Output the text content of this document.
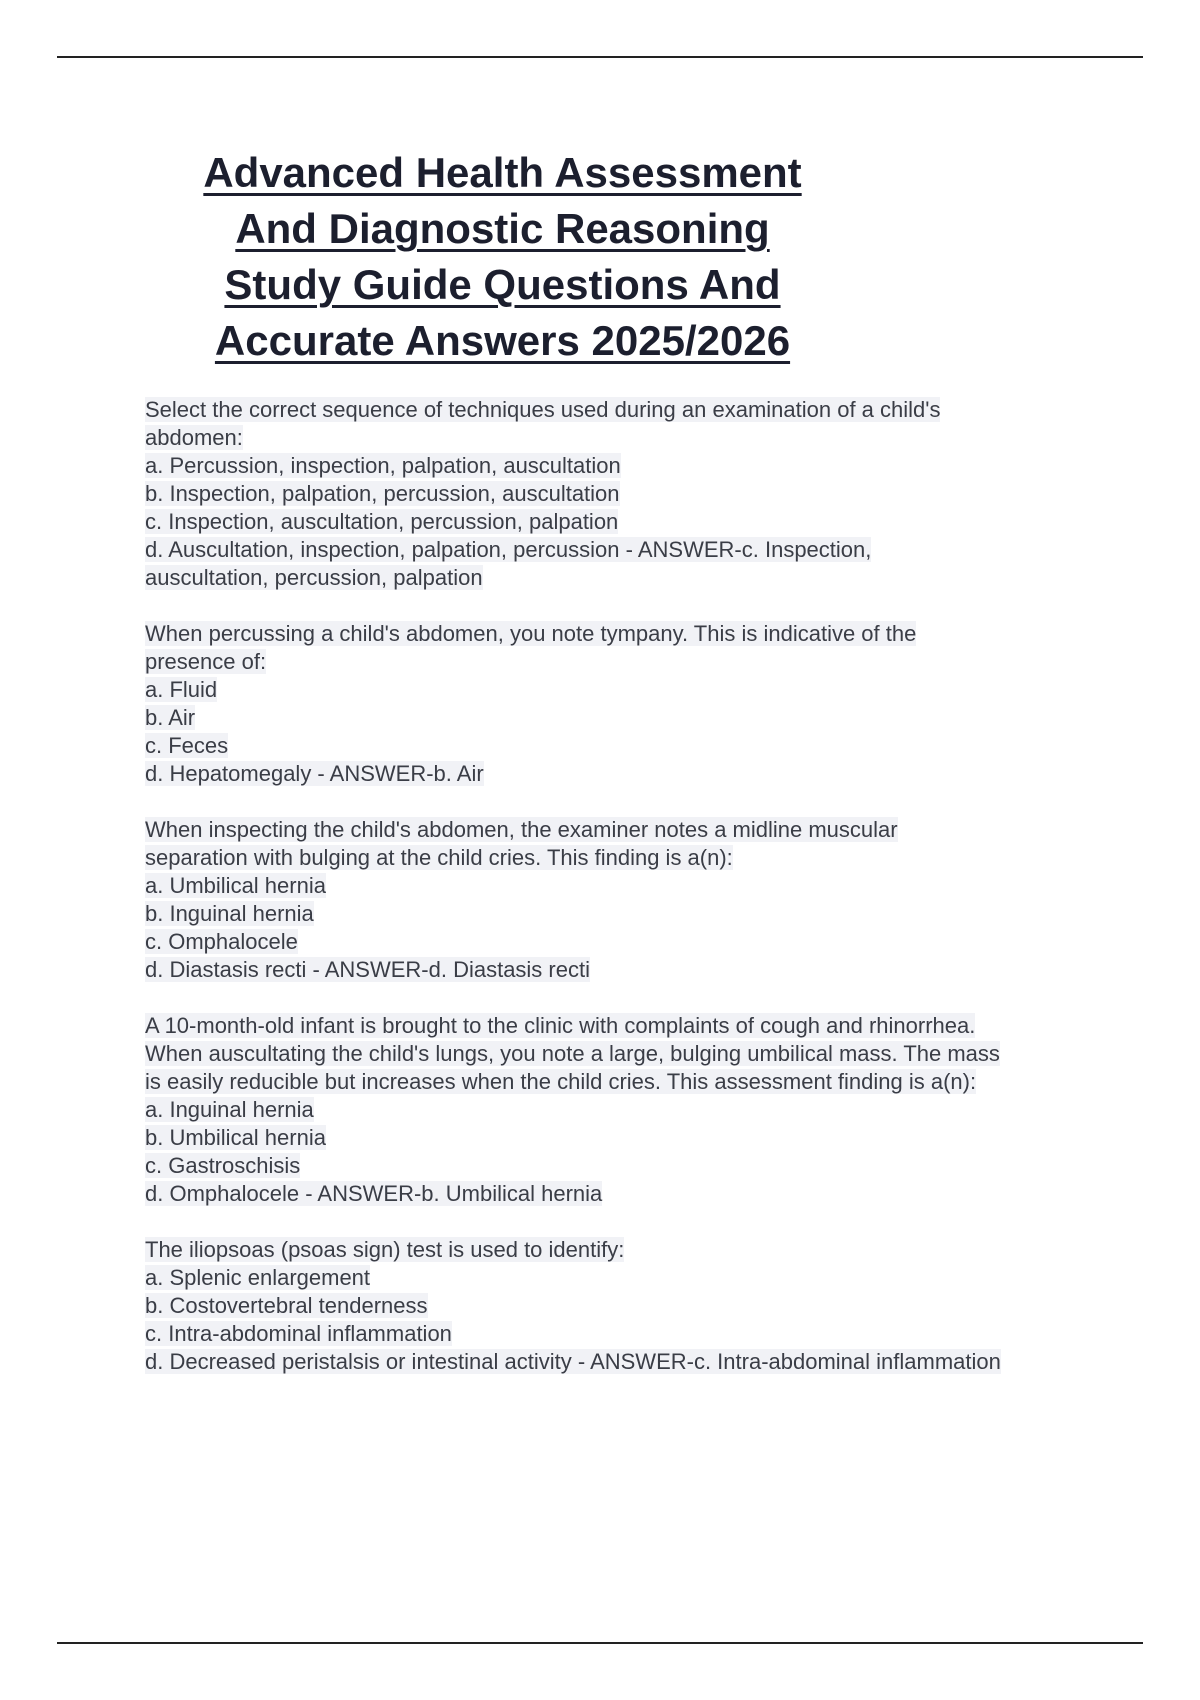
Advanced Health Assessment
And Diagnostic Reasoning
Study Guide Questions And
Accurate Answers 2025/2026
Select the correct sequence of techniques used during an examination of a child's
abdomen:
a. Percussion, inspection, palpation, auscultation
b. Inspection, palpation, percussion, auscultation
c. Inspection, auscultation, percussion, palpation
d. Auscultation, inspection, palpation, percussion - ANSWER-c. Inspection,
auscultation, percussion, palpation
When percussing a child's abdomen, you note tympany. This is indicative of the
presence of:
a. Fluid
b. Air
c. Feces
d. Hepatomegaly - ANSWER-b. Air
When inspecting the child's abdomen, the examiner notes a midline muscular
separation with bulging at the child cries. This finding is a(n):
a. Umbilical hernia
b. Inguinal hernia
c. Omphalocele
d. Diastasis recti - ANSWER-d. Diastasis recti
A 10-month-old infant is brought to the clinic with complaints of cough and rhinorrhea.
When auscultating the child's lungs, you note a large, bulging umbilical mass. The mass
is easily reducible but increases when the child cries. This assessment finding is a(n):
a. Inguinal hernia
b. Umbilical hernia
c. Gastroschisis
d. Omphalocele - ANSWER-b. Umbilical hernia
The iliopsoas (psoas sign) test is used to identify:
a. Splenic enlargement
b. Costovertebral tenderness
c. Intra-abdominal inflammation
d. Decreased peristalsis or intestinal activity - ANSWER-c. Intra-abdominal inflammation
